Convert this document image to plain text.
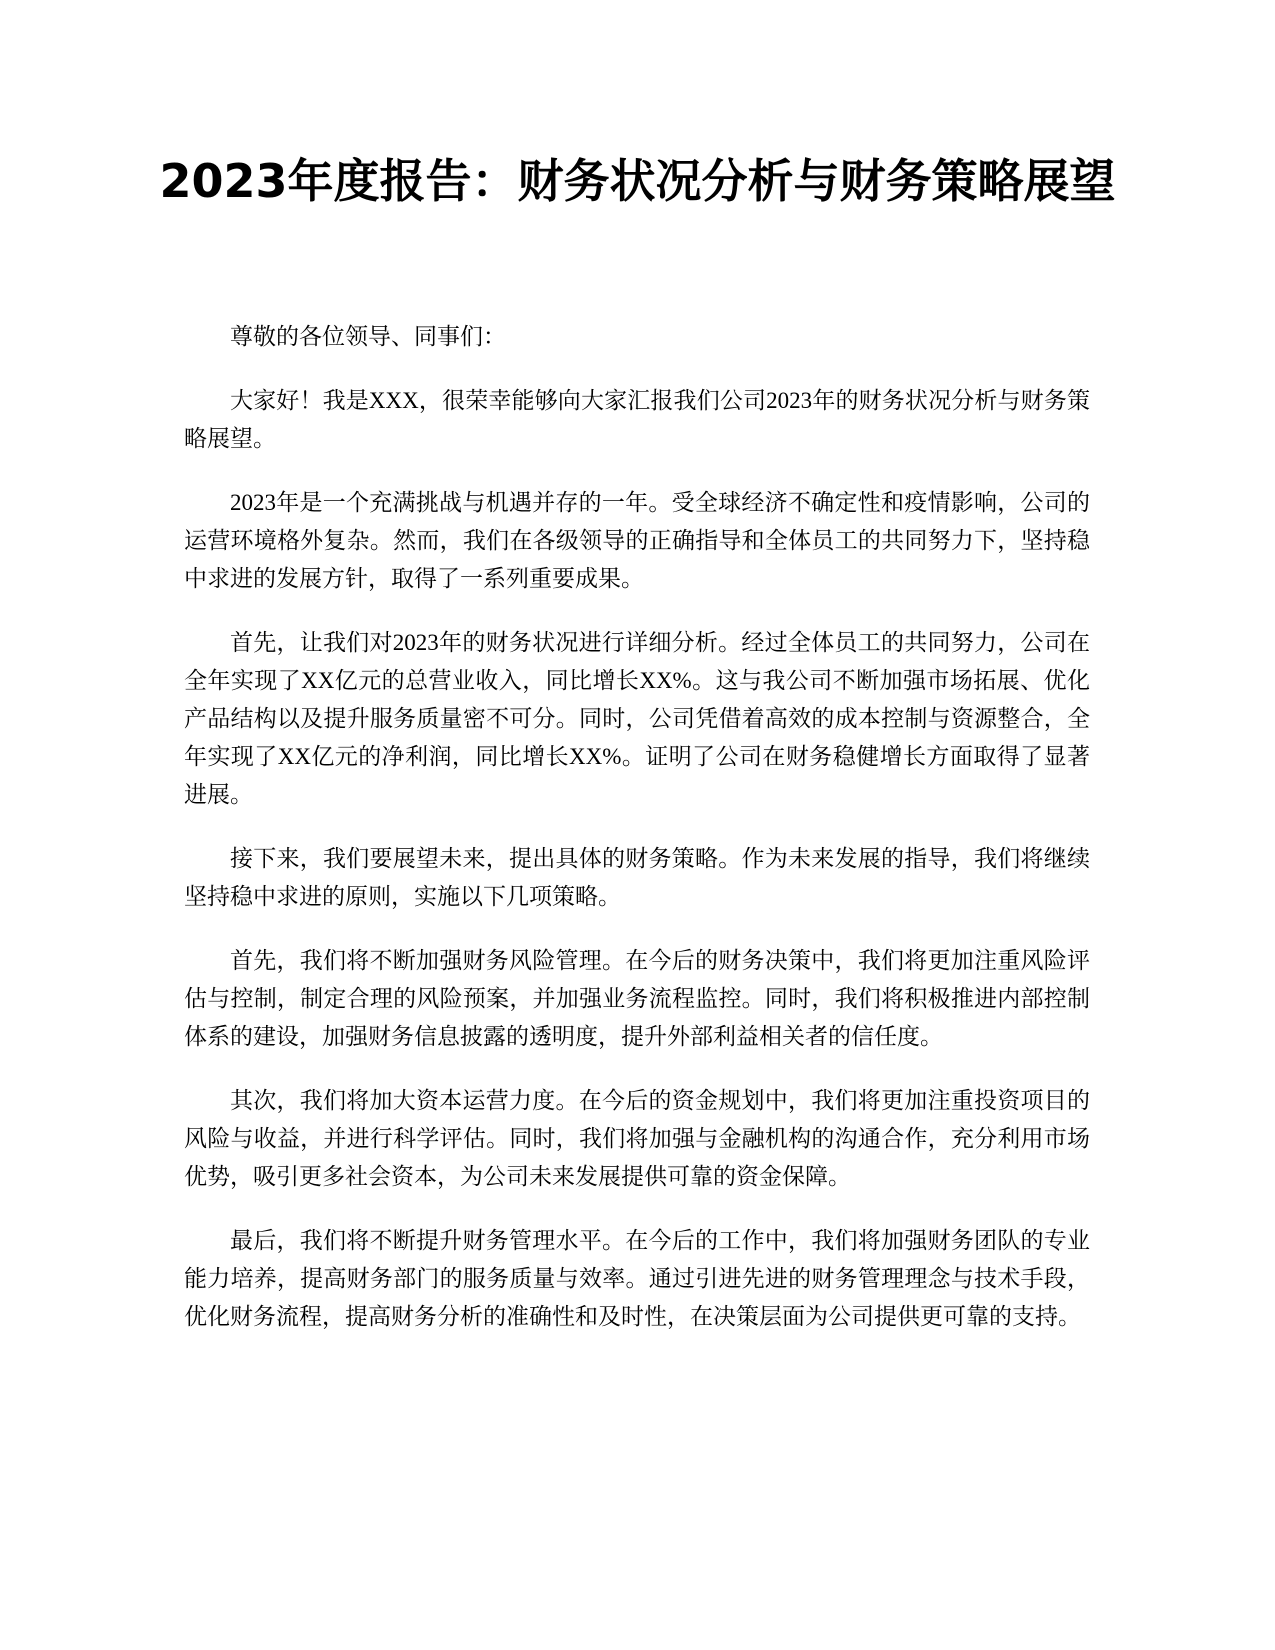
2023年度报告：财务状况分析与财务策略展望

尊敬的各位领导、同事们：

大家好！我是XXX，很荣幸能够向大家汇报我们公司2023年的财务状况分析与财务策略展望。

2023年是一个充满挑战与机遇并存的一年。受全球经济不确定性和疫情影响，公司的运营环境格外复杂。然而，我们在各级领导的正确指导和全体员工的共同努力下，坚持稳中求进的发展方针，取得了一系列重要成果。

首先，让我们对2023年的财务状况进行详细分析。经过全体员工的共同努力，公司在全年实现了XX亿元的总营业收入，同比增长XX%。这与我公司不断加强市场拓展、优化产品结构以及提升服务质量密不可分。同时，公司凭借着高效的成本控制与资源整合，全年实现了XX亿元的净利润，同比增长XX%。证明了公司在财务稳健增长方面取得了显著进展。

接下来，我们要展望未来，提出具体的财务策略。作为未来发展的指导，我们将继续坚持稳中求进的原则，实施以下几项策略。

首先，我们将不断加强财务风险管理。在今后的财务决策中，我们将更加注重风险评估与控制，制定合理的风险预案，并加强业务流程监控。同时，我们将积极推进内部控制体系的建设，加强财务信息披露的透明度，提升外部利益相关者的信任度。

其次，我们将加大资本运营力度。在今后的资金规划中，我们将更加注重投资项目的风险与收益，并进行科学评估。同时，我们将加强与金融机构的沟通合作，充分利用市场优势，吸引更多社会资本，为公司未来发展提供可靠的资金保障。

最后，我们将不断提升财务管理水平。在今后的工作中，我们将加强财务团队的专业能力培养，提高财务部门的服务质量与效率。通过引进先进的财务管理理念与技术手段，优化财务流程，提高财务分析的准确性和及时性，在决策层面为公司提供更可靠的支持。
